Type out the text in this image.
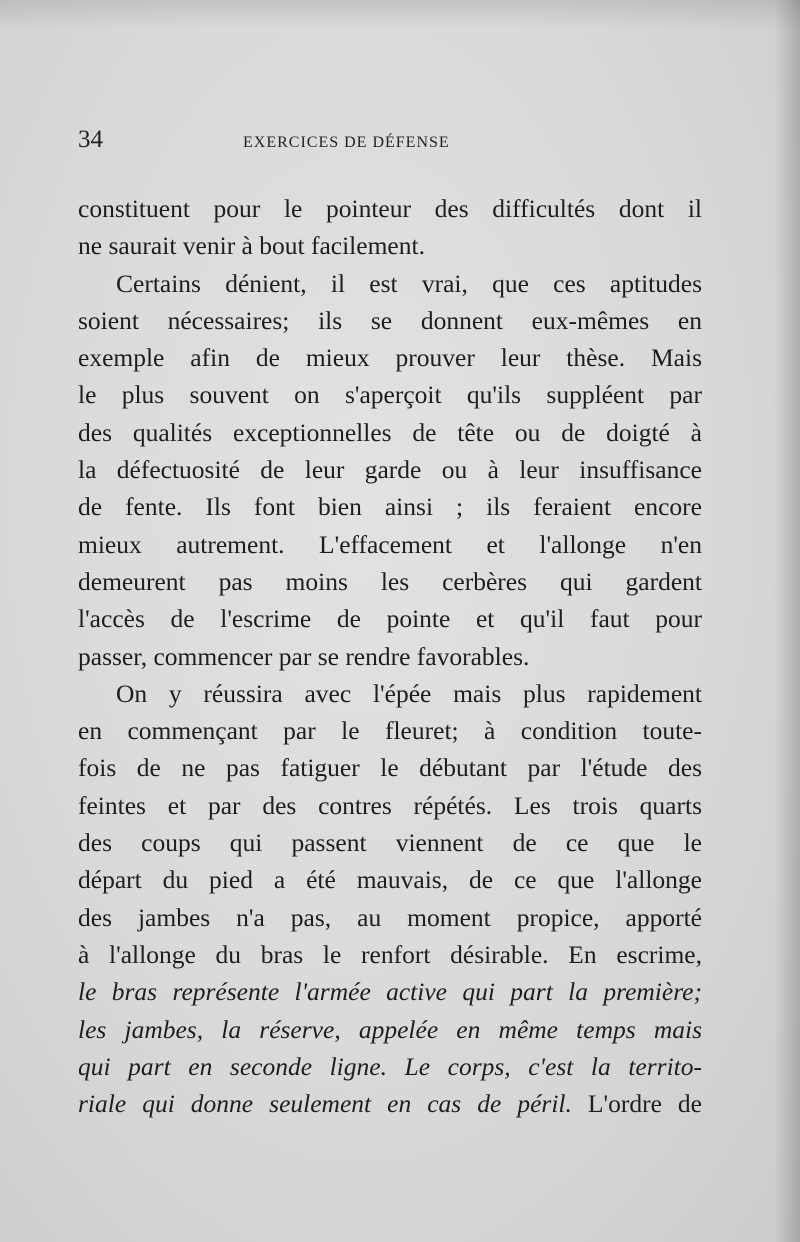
34	EXERCICES DE DÉFENSE
constituent pour le pointeur des difficultés dont il
ne saurait venir à bout facilement.
Certains dénient, il est vrai, que ces aptitudes
soient nécessaires; ils se donnent eux-mêmes en
exemple afin de mieux prouver leur thèse. Mais
le plus souvent on s'aperçoit qu'ils suppléent par
des qualités exceptionnelles de tête ou de doigté à
la défectuosité de leur garde ou à leur insuffisance
de fente. Ils font bien ainsi ; ils feraient encore
mieux autrement. L'effacement et l'allonge n'en
demeurent pas moins les cerbères qui gardent
l'accès de l'escrime de pointe et qu'il faut pour
passer, commencer par se rendre favorables.
On y réussira avec l'épée mais plus rapidement
en commençant par le fleuret; à condition toute-
fois de ne pas fatiguer le débutant par l'étude des
feintes et par des contres répétés. Les trois quarts
des coups qui passent viennent de ce que le
départ du pied a été mauvais, de ce que l'allonge
des jambes n'a pas, au moment propice, apporté
à l'allonge du bras le renfort désirable. En escrime,
le bras représente l'armée active qui part la première;
les jambes, la réserve, appelée en même temps mais
qui part en seconde ligne. Le corps, c'est la territo-
riale qui donne seulement en cas de péril. L'ordre de
